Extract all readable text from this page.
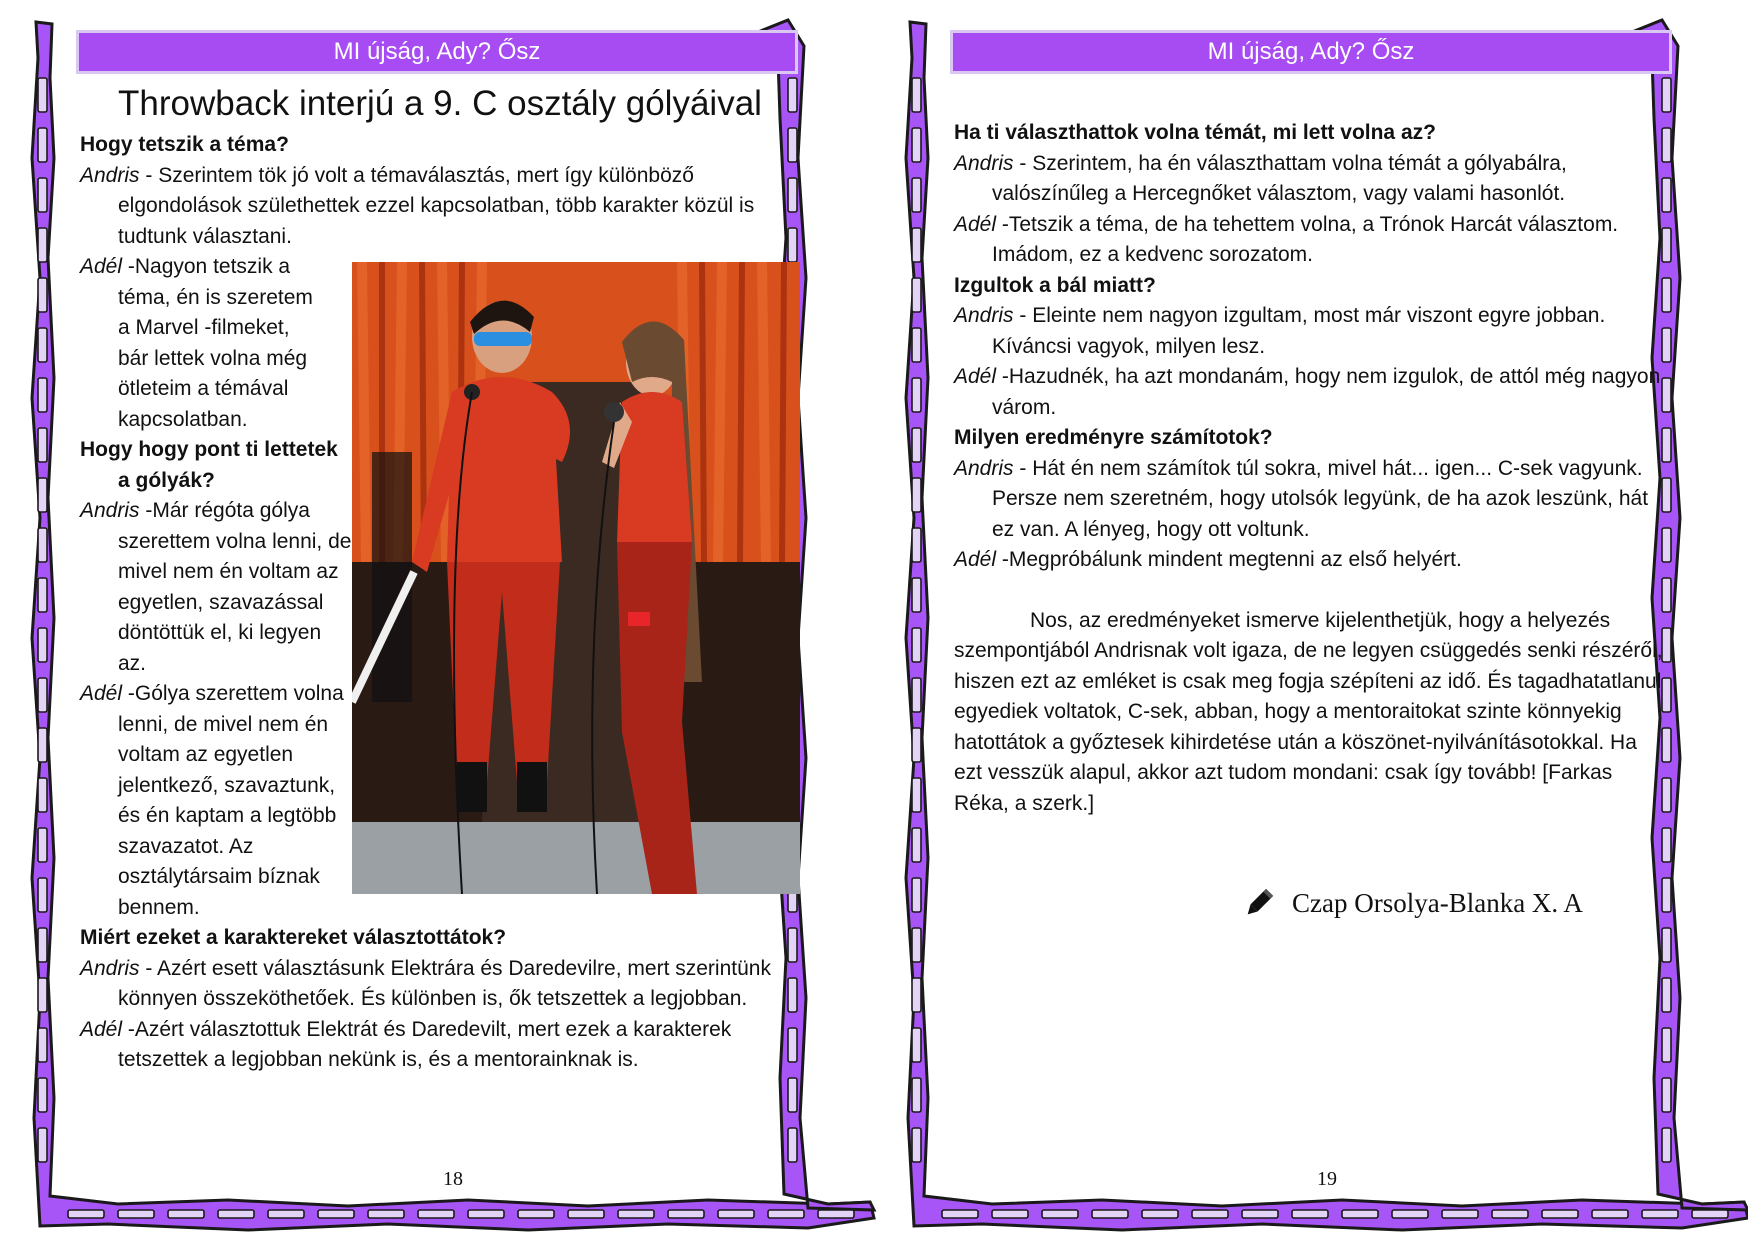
MI újság, Ady? Ősz
Throwback interjú a 9. C osztály gólyáival

Hogy tetszik a téma?

Andris - Szerintem tök jó volt a témaválasztás, mert így különböző elgondolások születhettek ezzel kapcsolatban, több karakter közül is tudtunk választani.

Adél -Nagyon tetszik a téma, én is szeretem a Marvel -filmeket, bár lettek volna még ötleteim a témával kapcsolatban.

Hogy hogy pont ti lettetek a gólyák?

Andris -Már régóta gólya szerettem volna lenni, de mivel nem én voltam az egyetlen, szavazással döntöttük el, ki legyen az.

Adél -Gólya szerettem volna lenni, de mivel nem én voltam az egyetlen jelentkező, szavaztunk, és én kaptam a legtöbb szavazatot. Az osztálytársaim bíznak bennem.

Miért ezeket a karaktereket választottátok?

Andris - Azért esett választásunk Elektrára és Daredevilre, mert szerintünk könnyen összeköthetőek. És különben is, ők tetszettek a legjobban.

Adél -Azért választottuk Elektrát és Daredevilt, mert ezek a karakterek tetszettek a legjobban nekünk is, és a mentorainknak is.

18
MI újság, Ady? Ősz

Ha ti választhattok volna témát, mi lett volna az?

Andris - Szerintem, ha én választhattam volna témát a gólyabálra, valószínűleg a Hercegnőket választom, vagy valami hasonlót.

Adél -Tetszik a téma, de ha tehettem volna, a Trónok Harcát választom. Imádom, ez a kedvenc sorozatom.

Izgultok a bál miatt?

Andris - Eleinte nem nagyon izgultam, most már viszont egyre jobban. Kíváncsi vagyok, milyen lesz.

Adél -Hazudnék, ha azt mondanám, hogy nem izgulok, de attól még nagyon várom.

Milyen eredményre számítotok?

Andris - Hát én nem számítok túl sokra, mivel hát... igen... C-sek vagyunk. Persze nem szeretném, hogy utolsók legyünk, de ha azok leszünk, hát ez van. A lényeg, hogy ott voltunk.

Adél -Megpróbálunk mindent megtenni az első helyért.

Nos, az eredményeket ismerve kijelenthetjük, hogy a helyezés szempontjából Andrisnak volt igaza, de ne legyen csüggedés senki részéről, hiszen ezt az emléket is csak meg fogja szépíteni az idő. És tagadhatatlanul egyediek voltatok, C-sek, abban, hogy a mentoraitokat szinte könnyekig hatottátok a győztesek kihirdetése után a köszönet-nyilvánításotokkal. Ha ezt vesszük alapul, akkor azt tudom mondani: csak így tovább! [Farkas Réka, a szerk.]

Czap Orsolya-Blanka X. A
19
